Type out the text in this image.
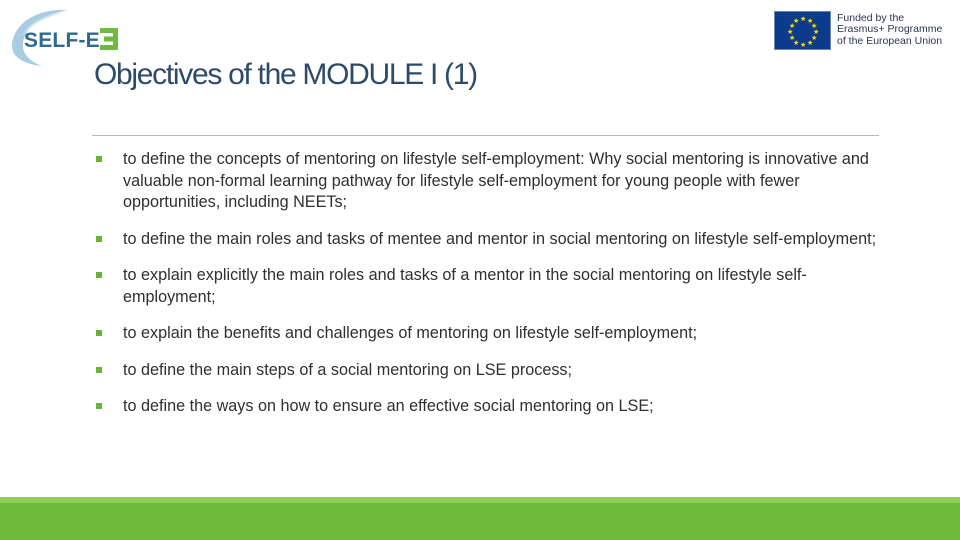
SELF-E
★ ★
★
★
★
★
★
★
★
★
★
★	Funded by the
Erasmus+ Programme
of the European Union
Objectives of the MODULE I (1)
to define the concepts of mentoring on lifestyle self-employment: Why social mentoring is innovative and valuable non-formal learning pathway for lifestyle self-employment for young people with fewer opportunities, including NEETs;
to define the main roles and tasks of mentee and mentor in social mentoring on lifestyle self-employment;
to explain explicitly the main roles and tasks of a mentor in the social mentoring on lifestyle self-employment;
to explain the benefits and challenges of mentoring on lifestyle self-employment;
to define the main steps of a social mentoring on LSE process;
to define the ways on how to ensure an effective social mentoring on LSE;
